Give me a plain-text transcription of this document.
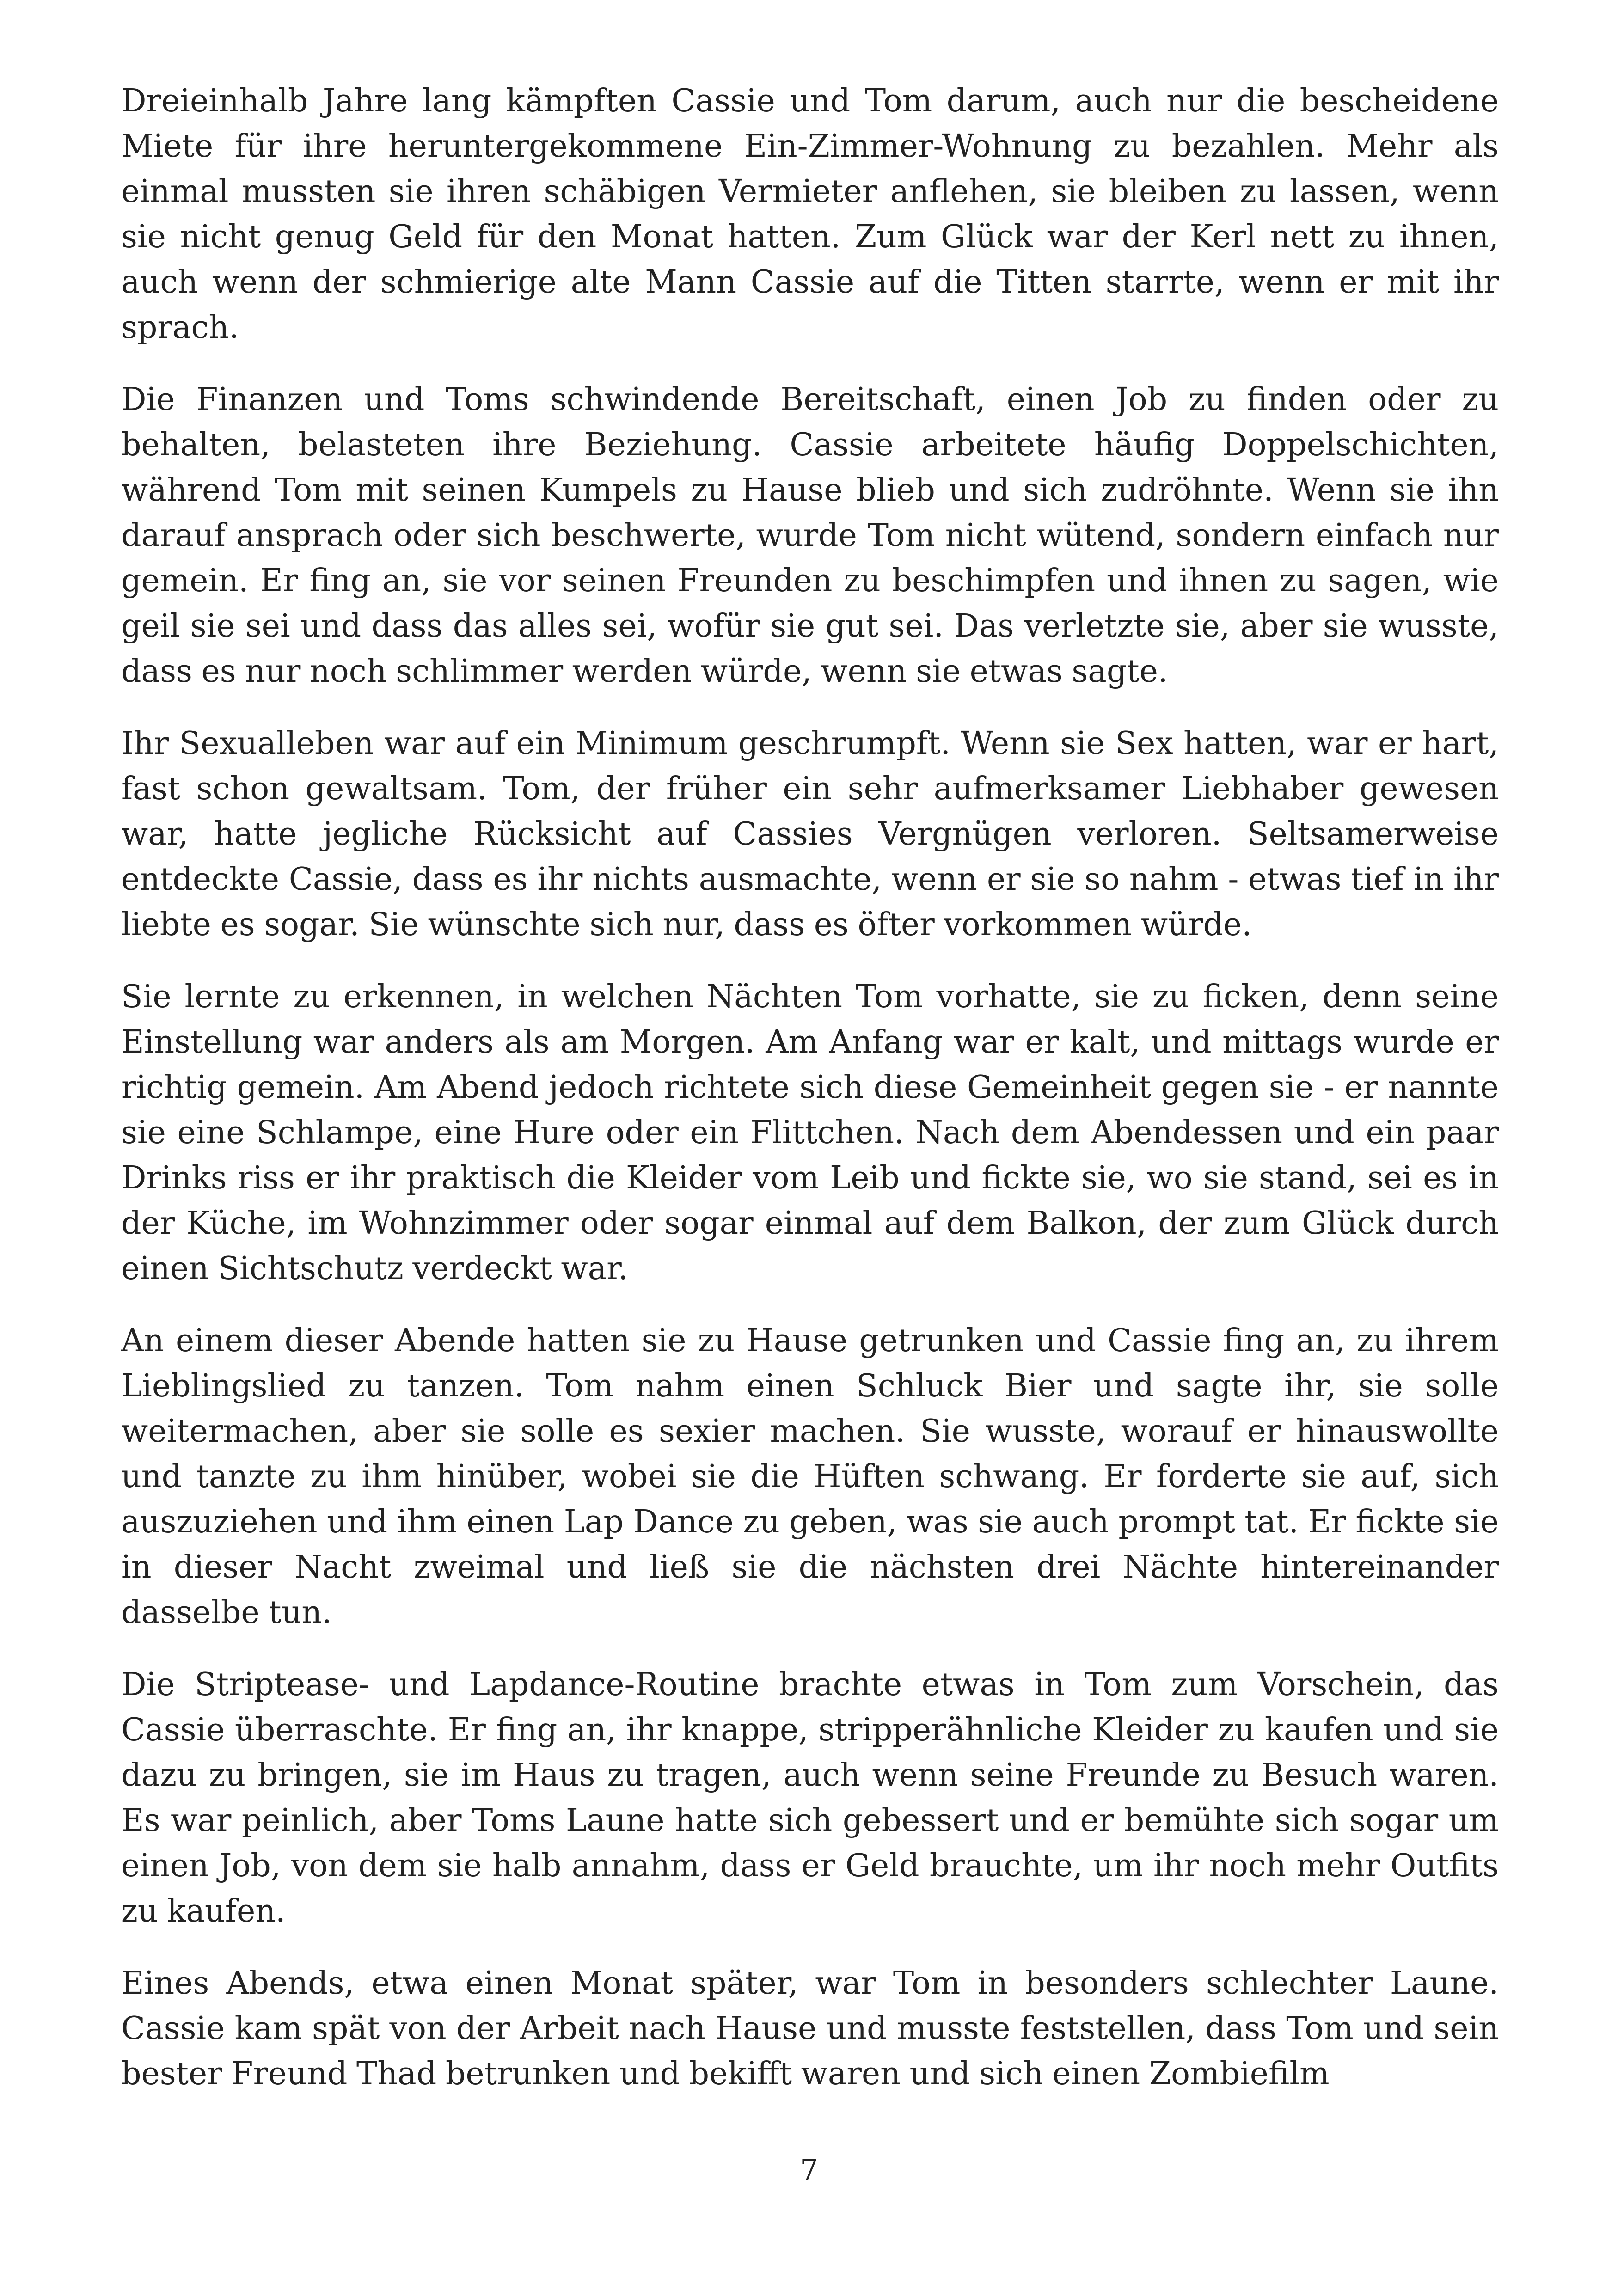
Dreieinhalb Jahre lang kämpften Cassie und Tom darum, auch nur die bescheidene Miete für ihre heruntergekommene Ein-Zimmer-Wohnung zu bezahlen. Mehr als einmal mussten sie ihren schäbigen Vermieter anflehen, sie bleiben zu lassen, wenn sie nicht genug Geld für den Monat hatten. Zum Glück war der Kerl nett zu ihnen, auch wenn der schmierige alte Mann Cassie auf die Titten starrte, wenn er mit ihr sprach.

Die Finanzen und Toms schwindende Bereitschaft, einen Job zu finden oder zu behalten, belasteten ihre Beziehung. Cassie arbeitete häufig Doppelschichten, während Tom mit seinen Kumpels zu Hause blieb und sich zudröhnte. Wenn sie ihn darauf ansprach oder sich beschwerte, wurde Tom nicht wütend, sondern einfach nur gemein. Er fing an, sie vor seinen Freunden zu beschimpfen und ihnen zu sagen, wie geil sie sei und dass das alles sei, wofür sie gut sei. Das verletzte sie, aber sie wusste, dass es nur noch schlimmer werden würde, wenn sie etwas sagte.

Ihr Sexualleben war auf ein Minimum geschrumpft. Wenn sie Sex hatten, war er hart, fast schon gewaltsam. Tom, der früher ein sehr aufmerksamer Liebhaber gewesen war, hatte jegliche Rücksicht auf Cassies Vergnügen verloren. Seltsamerweise entdeckte Cassie, dass es ihr nichts ausmachte, wenn er sie so nahm - etwas tief in ihr liebte es sogar. Sie wünschte sich nur, dass es öfter vorkommen würde.

Sie lernte zu erkennen, in welchen Nächten Tom vorhatte, sie zu ficken, denn seine Einstellung war anders als am Morgen. Am Anfang war er kalt, und mittags wurde er richtig gemein. Am Abend jedoch richtete sich diese Gemeinheit gegen sie - er nannte sie eine Schlampe, eine Hure oder ein Flittchen. Nach dem Abendessen und ein paar Drinks riss er ihr praktisch die Kleider vom Leib und fickte sie, wo sie stand, sei es in der Küche, im Wohnzimmer oder sogar einmal auf dem Balkon, der zum Glück durch einen Sichtschutz verdeckt war.

An einem dieser Abende hatten sie zu Hause getrunken und Cassie fing an, zu ihrem Lieblingslied zu tanzen. Tom nahm einen Schluck Bier und sagte ihr, sie solle weitermachen, aber sie solle es sexier machen. Sie wusste, worauf er hinauswollte und tanzte zu ihm hinüber, wobei sie die Hüften schwang. Er forderte sie auf, sich auszuziehen und ihm einen Lap Dance zu geben, was sie auch prompt tat. Er fickte sie in dieser Nacht zweimal und ließ sie die nächsten drei Nächte hintereinander dasselbe tun.

Die Striptease- und Lapdance-Routine brachte etwas in Tom zum Vorschein, das Cassie überraschte. Er fing an, ihr knappe, stripperähnliche Kleider zu kaufen und sie dazu zu bringen, sie im Haus zu tragen, auch wenn seine Freunde zu Besuch waren. Es war peinlich, aber Toms Laune hatte sich gebessert und er bemühte sich sogar um einen Job, von dem sie halb annahm, dass er Geld brauchte, um ihr noch mehr Outfits zu kaufen.

Eines Abends, etwa einen Monat später, war Tom in besonders schlechter Laune. Cassie kam spät von der Arbeit nach Hause und musste feststellen, dass Tom und sein bester Freund Thad betrunken und bekifft waren und sich einen Zombiefilm

7
